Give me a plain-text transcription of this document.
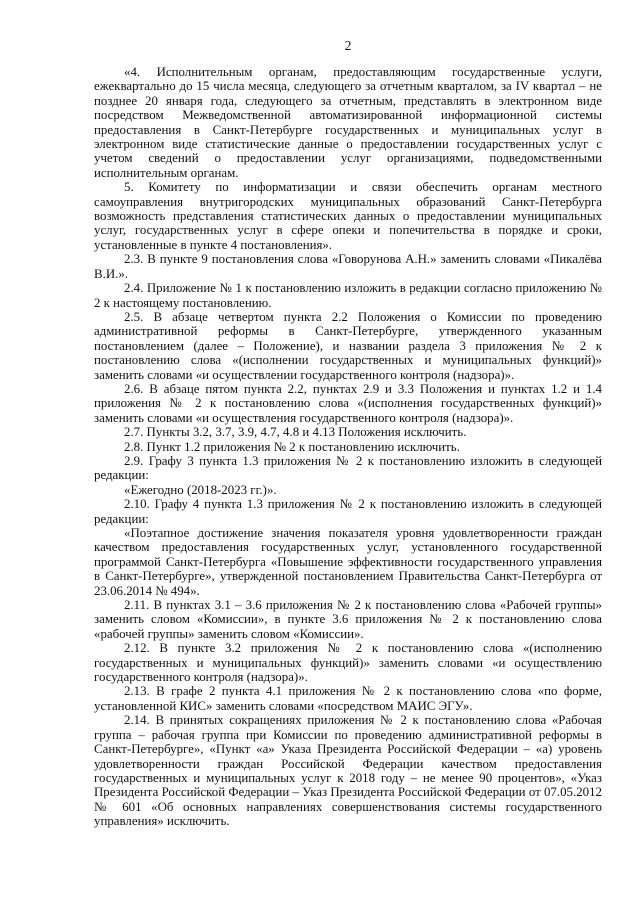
2

«4. Исполнительным органам, предоставляющим государственные услуги, ежеквартально до 15 числа месяца, следующего за отчетным кварталом, за IV квартал – не позднее 20 января года, следующего за отчетным, представлять в электронном виде посредством Межведомственной автоматизированной информационной системы предоставления в Санкт-Петербурге государственных и муниципальных услуг в электронном виде статистические данные о предоставлении государственных услуг с учетом сведений о предоставлении услуг организациями, подведомственными исполнительным органам.

5. Комитету по информатизации и связи обеспечить органам местного самоуправления внутригородских муниципальных образований Санкт-Петербурга возможность представления статистических данных о предоставлении муниципальных услуг, государственных услуг в сфере опеки и попечительства в порядке и сроки, установленные в пункте 4 постановления».

2.3. В пункте 9 постановления слова «Говорунова А.Н.» заменить словами «Пикалёва В.И.».

2.4. Приложение № 1 к постановлению изложить в редакции согласно приложению № 2 к настоящему постановлению.

2.5. В абзаце четвертом пункта 2.2 Положения о Комиссии по проведению административной реформы в Санкт-Петербурге, утвержденного указанным постановлением (далее – Положение), и названии раздела 3 приложения № 2 к постановлению слова «(исполнении государственных и муниципальных функций)» заменить словами «и осуществлении государственного контроля (надзора)».

2.6. В абзаце пятом пункта 2.2, пунктах 2.9 и 3.3 Положения и пунктах 1.2 и 1.4 приложения № 2 к постановлению слова «(исполнения государственных функций)» заменить словами «и осуществления государственного контроля (надзора)».

2.7. Пункты 3.2, 3.7, 3.9, 4.7, 4.8 и 4.13 Положения исключить.

2.8. Пункт 1.2 приложения № 2 к постановлению исключить.

2.9. Графу 3 пункта 1.3 приложения № 2 к постановлению изложить в следующей редакции:

«Ежегодно (2018-2023 гг.)».

2.10. Графу 4 пункта 1.3 приложения № 2 к постановлению изложить в следующей редакции:

«Поэтапное достижение значения показателя уровня удовлетворенности граждан качеством предоставления государственных услуг, установленного государственной программой Санкт-Петербурга «Повышение эффективности государственного управления в Санкт-Петербурге», утвержденной постановлением Правительства Санкт-Петербурга от 23.06.2014 № 494».

2.11. В пунктах 3.1 – 3.6 приложения № 2 к постановлению слова «Рабочей группы» заменить словом «Комиссии», в пункте 3.6 приложения № 2 к постановлению слова «рабочей группы» заменить словом «Комиссии».

2.12. В пункте 3.2 приложения № 2 к постановлению слова «(исполнению государственных и муниципальных функций)» заменить словами «и осуществлению государственного контроля (надзора)».

2.13. В графе 2 пункта 4.1 приложения № 2 к постановлению слова «по форме, установленной КИС» заменить словами «посредством МАИС ЭГУ».

2.14. В принятых сокращениях приложения № 2 к постановлению слова «Рабочая группа – рабочая группа при Комиссии по проведению административной реформы в Санкт-Петербурге», «Пункт «а» Указа Президента Российской Федерации – «а) уровень удовлетворенности граждан Российской Федерации качеством предоставления государственных и муниципальных услуг к 2018 году – не менее 90 процентов», «Указ Президента Российской Федерации – Указ Президента Российской Федерации от 07.05.2012 № 601 «Об основных направлениях совершенствования системы государственного управления» исключить.
